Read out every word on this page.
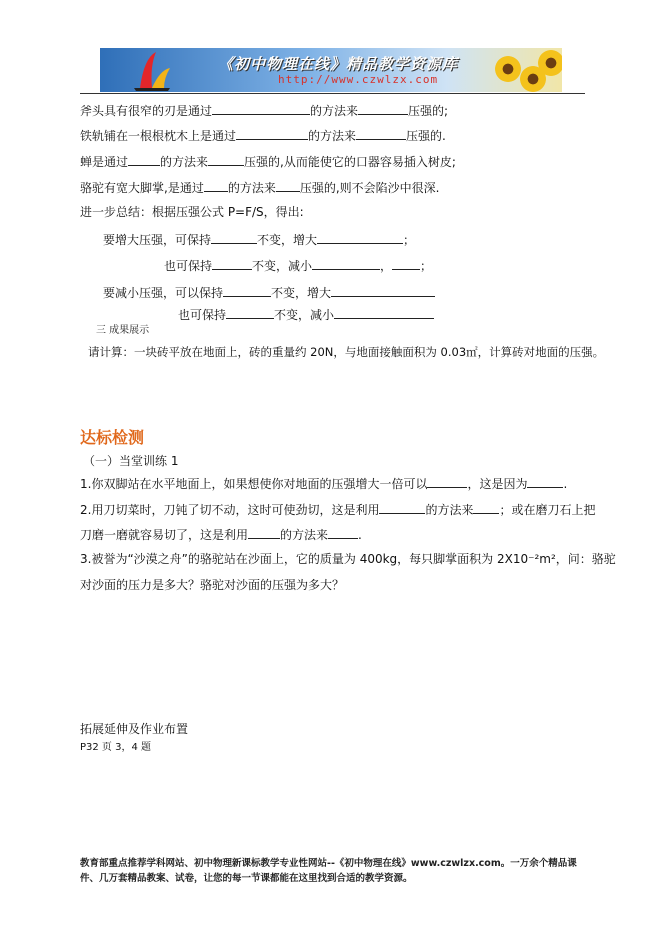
《初中物理在线》精品教学资源库
http://www.czwlzx.com
斧头具有很窄的刃是通过	的方法来	压强的;
铁轨铺在一根根枕木上是通过	的方法来	压强的.
蝉是通过	的方法来	压强的,从而能使它的口器容易插入树皮;
骆驼有宽大脚掌,是通过 的方法来 压强的,则不会陷沙中很深.
进一步总结：根据压强公式 P=F/S，得出:
要增大压强，可保持	不变，增大	；
也可保持	不变，减小	， ；
要减小压强，可以保持	不变，增大
也可保持	不变，减小
三 成果展示
请计算：一块砖平放在地面上，砖的重量约 20N，与地面接触面积为 0.03㎡，计算砖对地面的压强。
达标检测
（一）当堂训练 1
1.你双脚站在水平地面上，如果想使你对地面的压强增大一倍可以	，这是因为	.
2.用刀切菜时，刀钝了切不动，这时可使劲切，这是利用	的方法来 ；或在磨刀石上把
刀磨一磨就容易切了，这是利用	的方法来	.
3.被誉为“沙漠之舟”的骆驼站在沙面上，它的质量为 400kg，每只脚掌面积为 2X10⁻²m²，问：骆驼
对沙面的压力是多大？骆驼对沙面的压强为多大？
拓展延伸及作业布置
P32 页 3，4 题
教育部重点推荐学科网站、初中物理新课标教学专业性网站--《初中物理在线》www.czwlzx.com。一万余个精品课
件、几万套精品教案、试卷，让您的每一节课都能在这里找到合适的教学资源。
